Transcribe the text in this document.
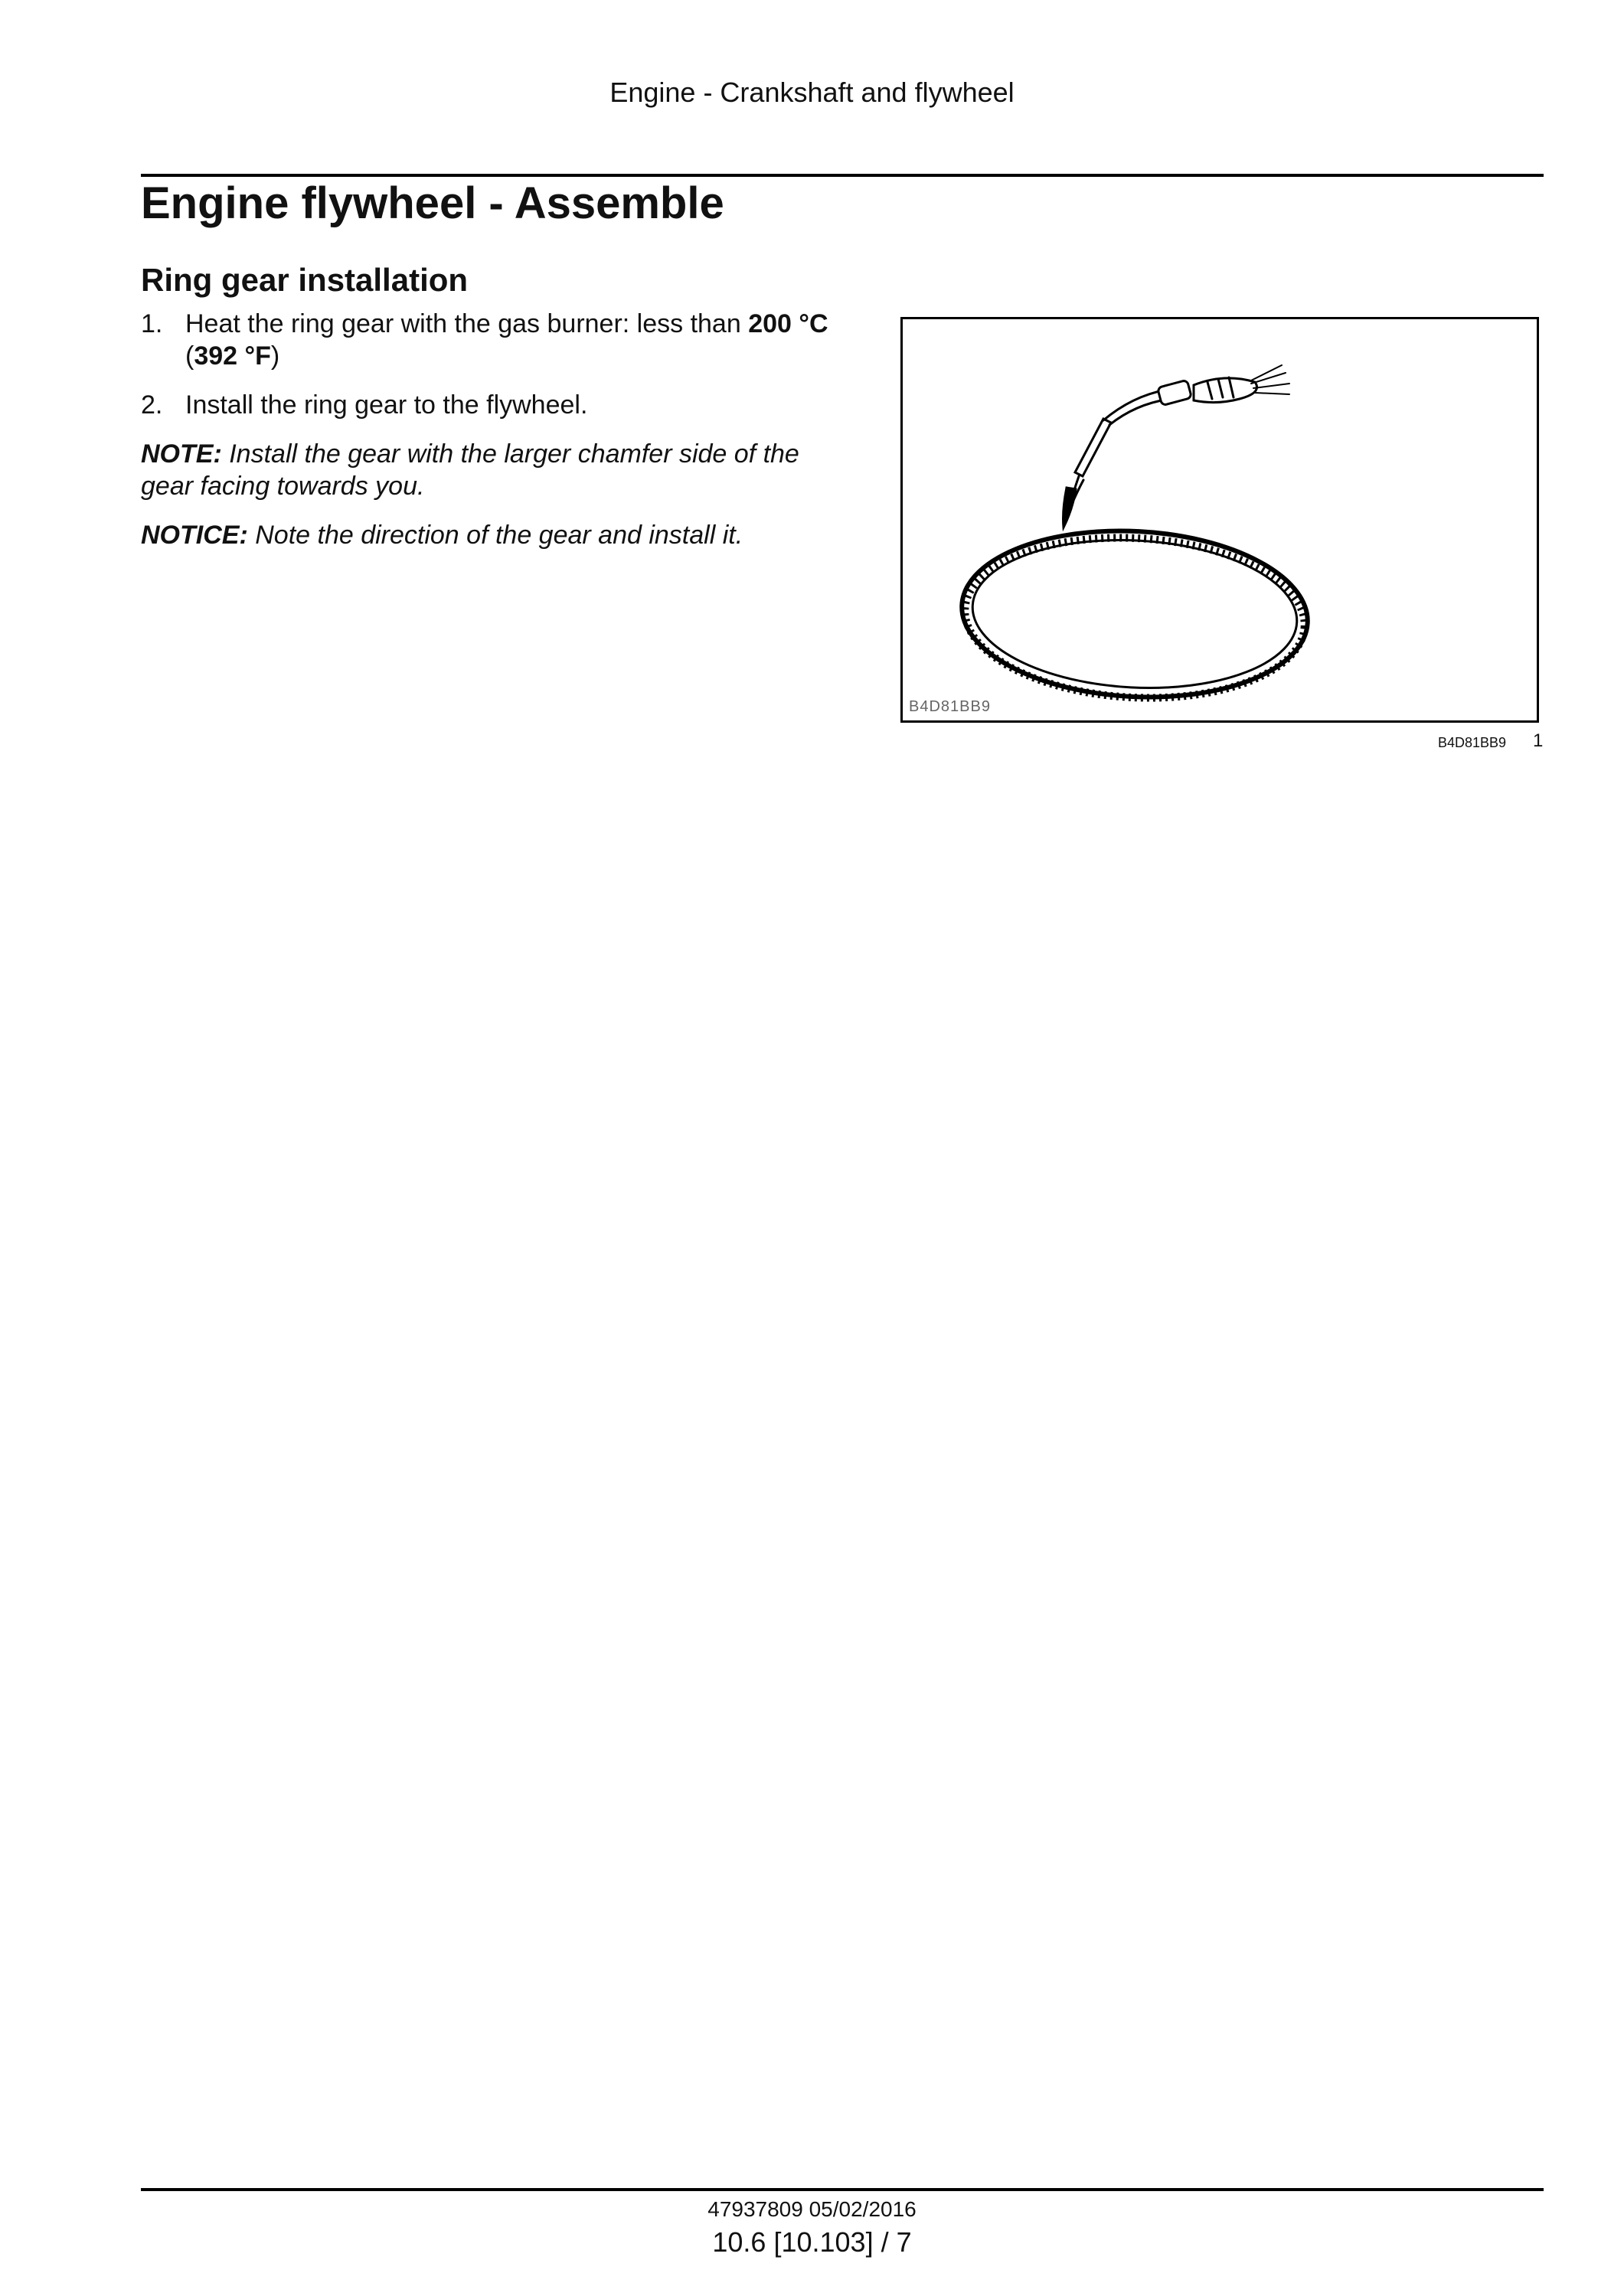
Engine - Crankshaft and flywheel
Engine flywheel - Assemble
Ring gear installation
1. Heat the ring gear with the gas burner: less than 200 °C (392 °F)
2. Install the ring gear to the flywheel.
NOTE: Install the gear with the larger chamfer side of the gear facing towards you.
NOTICE: Note the direction of the gear and install it.
B4D81BB9
B4D81BB9 1
47937809 05/02/2016
10.6 [10.103] / 7
